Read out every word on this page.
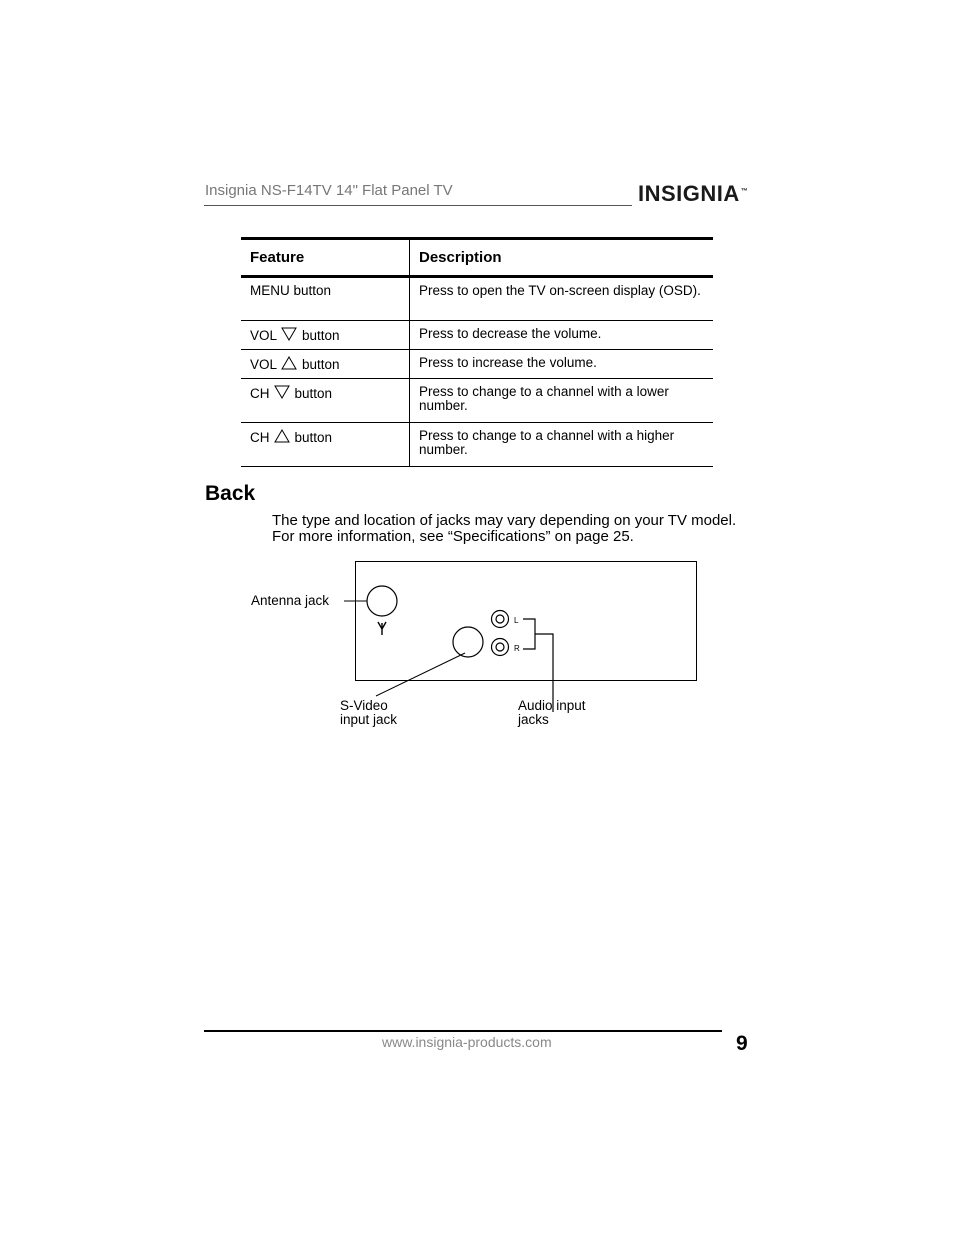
Insignia NS-F14TV 14" Flat Panel TV	INSIGNIA™
Feature	Description
MENU button	Press to open the TV on-screen display (OSD).
VOL button	Press to decrease the volume.
VOL button	Press to increase the volume.
CH button	Press to change to a channel with a lower number.
CH button	Press to change to a channel with a higher number.
Back
The type and location of jacks may vary depending on your TV model. For more information, see “Specifications” on page 25.
Antenna jack
S-Video
input jack
L
R
Audio input
jacks
www.insignia-products.com	9
